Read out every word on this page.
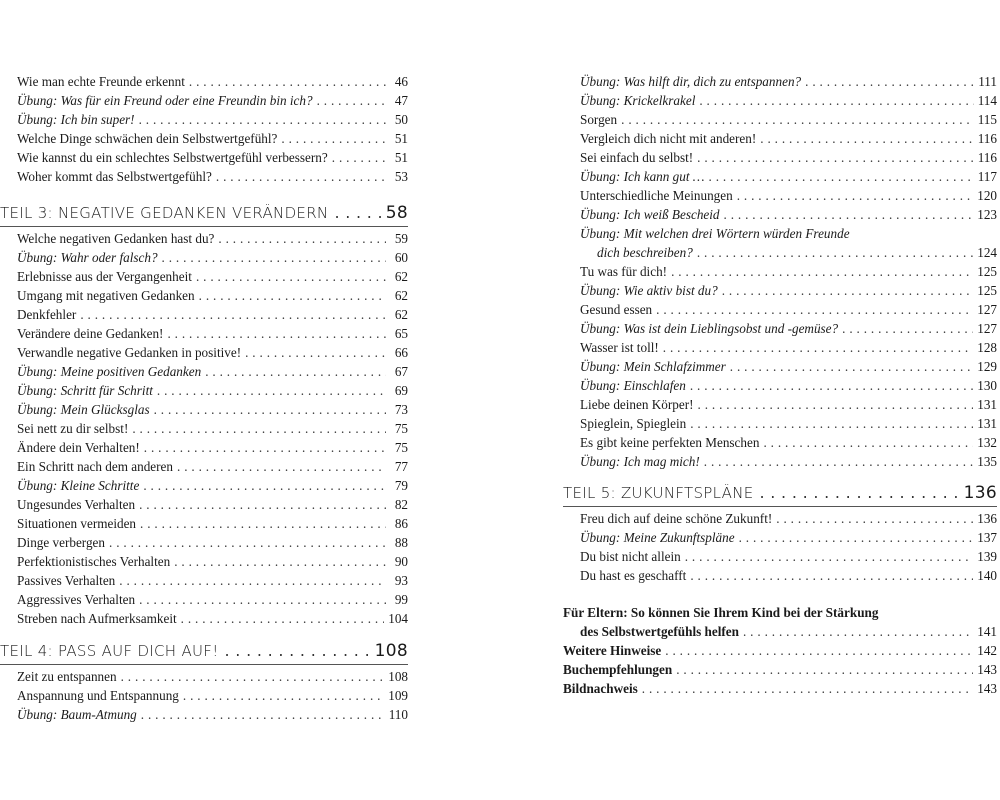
Wie man echte Freunde erkennt . . .	46
Übung: Was für ein Freund oder eine Freundin bin ich? . . .	47
Übung: Ich bin super! . . .	50
Welche Dinge schwächen dein Selbstwertgefühl? . . .	51
Wie kannst du ein schlechtes Selbstwertgefühl verbessern? . . .	51
Woher kommt das Selbstwertgefühl? . . .	53
TEIL 3: NEGATIVE GEDANKEN VERÄNDERN . . .	58
Welche negativen Gedanken hast du? . . .	59
Übung: Wahr oder falsch? . . .	60
Erlebnisse aus der Vergangenheit . . .	62
Umgang mit negativen Gedanken . . .	62
Denkfehler . . .	62
Verändere deine Gedanken! . . .	65
Verwandle negative Gedanken in positive! . . .	66
Übung: Meine positiven Gedanken . . .	67
Übung: Schritt für Schritt . . .	69
Übung: Mein Glücksglas . . .	73
Sei nett zu dir selbst! . . .	75
Ändere dein Verhalten! . . .	75
Ein Schritt nach dem anderen . . .	77
Übung: Kleine Schritte . . .	79
Ungesundes Verhalten . . .	82
Situationen vermeiden . . .	86
Dinge verbergen . . .	88
Perfektionistisches Verhalten . . .	90
Passives Verhalten . . .	93
Aggressives Verhalten . . .	99
Streben nach Aufmerksamkeit . . .	104
TEIL 4: PASS AUF DICH AUF! . . .	108
Zeit zu entspannen . . .	108
Anspannung und Entspannung . . .	109
Übung: Baum-Atmung . . .	110
Übung: Was hilft dir, dich zu entspannen? . . .	111
Übung: Krickelkrakel . . .	114
Sorgen . . .	115
Vergleich dich nicht mit anderen! . . .	116
Sei einfach du selbst! . . .	116
Übung: Ich kann gut … . . .	117
Unterschiedliche Meinungen . . .	120
Übung: Ich weiß Bescheid . . .	123
Übung: Mit welchen drei Wörtern würden Freunde
dich beschreiben? . . .	124
Tu was für dich! . . .	125
Übung: Wie aktiv bist du? . . .	125
Gesund essen . . .	127
Übung: Was ist dein Lieblingsobst und -gemüse? . . .	127
Wasser ist toll! . . .	128
Übung: Mein Schlafzimmer . . .	129
Übung: Einschlafen . . .	130
Liebe deinen Körper! . . .	131
Spieglein, Spieglein . . .	131
Es gibt keine perfekten Menschen . . .	132
Übung: Ich mag mich! . . .	135
TEIL 5: ZUKUNFTSPLÄNE . . .	136
Freu dich auf deine schöne Zukunft! . . .	136
Übung: Meine Zukunftspläne . . .	137
Du bist nicht allein . . .	139
Du hast es geschafft . . .	140
Für Eltern: So können Sie Ihrem Kind bei der Stärkung
des Selbstwertgefühls helfen . . .	141
Weitere Hinweise . . .	142
Buchempfehlungen . . .	143
Bildnachweis . . .	143
